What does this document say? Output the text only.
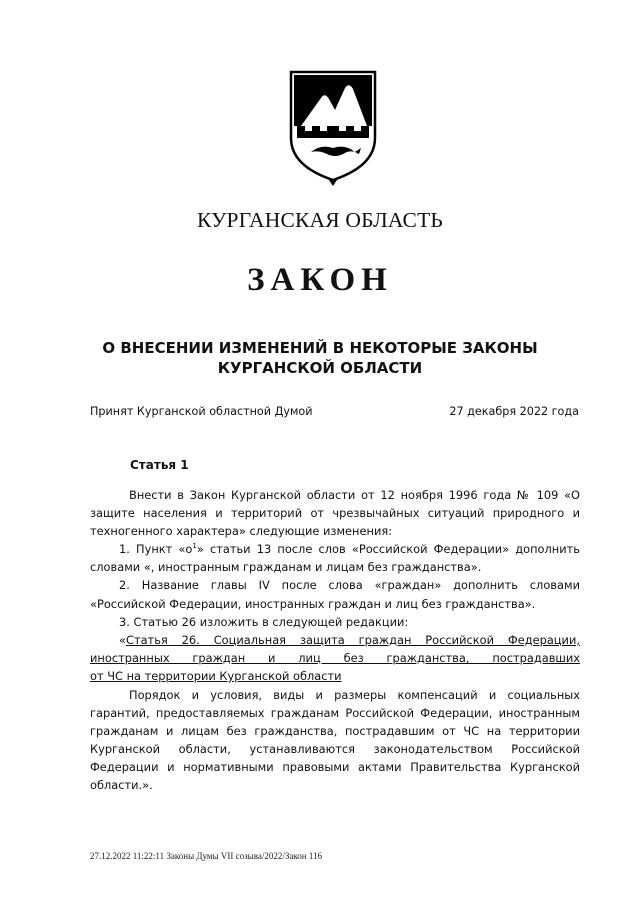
КУРГАНСКАЯ ОБЛАСТЬ
ЗАКОН
О ВНЕСЕНИИ ИЗМЕНЕНИЙ В НЕКОТОРЫЕ ЗАКОНЫ КУРГАНСКОЙ ОБЛАСТИ
Принят Курганской областной Думой	27 декабря 2022 года
Статья 1

Внести в Закон Курганской области от 12 ноября 1996 года № 109 «О защите населения и территорий от чрезвычайных ситуаций природного и техногенного характера» следующие изменения:

1. Пункт «$о^1$» статьи 13 после слов «Российской Федерации» дополнить словами «, иностранным гражданам и лицам без гражданства».

2. Название главы IV после слова «граждан» дополнить словами «Российской Федерации, иностранных граждан и лиц без гражданства».

3. Статью 26 изложить в следующей редакции:

«Статья 26. Социальная защита граждан Российской Федерации,

иностранных граждан и лиц без гражданства, пострадавших

от ЧС на территории Курганской области

Порядок и условия, виды и размеры компенсаций и социальных гарантий, предоставляемых гражданам Российской Федерации, иностранным гражданам и лицам без гражданства, пострадавшим от ЧС на территории Курганской области, устанавливаются законодательством Российской Федерации и нормативными правовыми актами Правительства Курганской области.».

27.12.2022 11:22:11 Законы Думы VII созыва/2022/Закон 116
